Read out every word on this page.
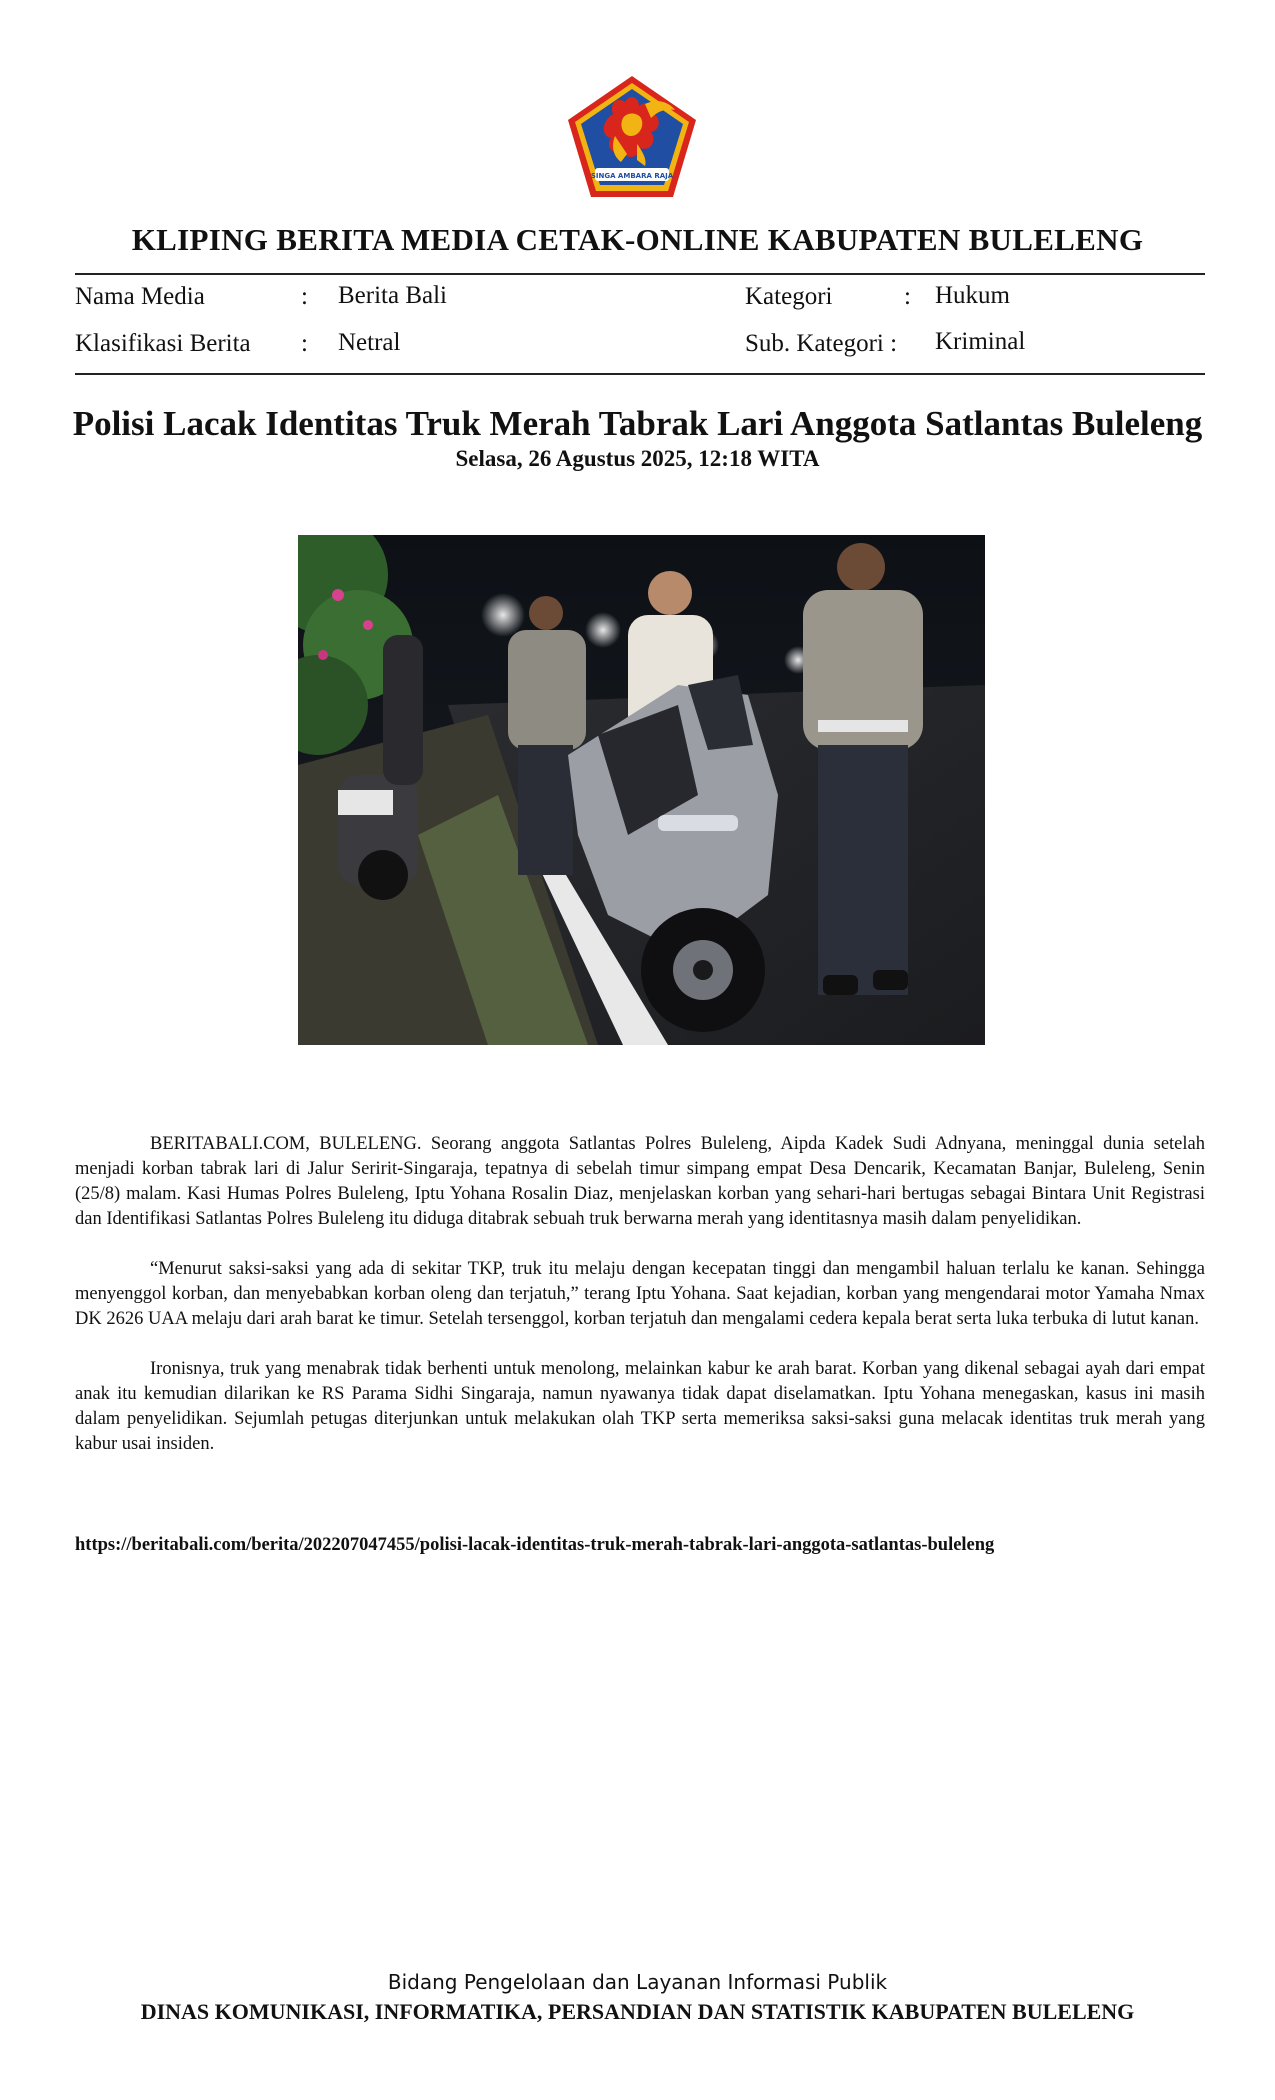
SINGA AMBARA RAJA
KLIPING BERITA MEDIA CETAK-ONLINE KABUPATEN BULELENG
Nama Media	: Berita Bali	Kategori	: Hukum
Klasifikasi Berita : Netral	Sub. Kategori : Kriminal
Polisi Lacak Identitas Truk Merah Tabrak Lari Anggota Satlantas Buleleng
Selasa, 26 Agustus 2025, 12:18 WITA

BERITABALI.COM, BULELENG. Seorang anggota Satlantas Polres Buleleng, Aipda Kadek Sudi Adnyana, meninggal dunia setelah menjadi korban tabrak lari di Jalur Seririt-Singaraja, tepatnya di sebelah timur simpang empat Desa Dencarik, Kecamatan Banjar, Buleleng, Senin (25/8) malam. Kasi Humas Polres Buleleng, Iptu Yohana Rosalin Diaz, menjelaskan korban yang sehari-hari bertugas sebagai Bintara Unit Registrasi dan Identifikasi Satlantas Polres Buleleng itu diduga ditabrak sebuah truk berwarna merah yang identitasnya masih dalam penyelidikan.

“Menurut saksi-saksi yang ada di sekitar TKP, truk itu melaju dengan kecepatan tinggi dan mengambil haluan terlalu ke kanan. Sehingga menyenggol korban, dan menyebabkan korban oleng dan terjatuh,” terang Iptu Yohana. Saat kejadian, korban yang mengendarai motor Yamaha Nmax DK 2626 UAA melaju dari arah barat ke timur. Setelah tersenggol, korban terjatuh dan mengalami cedera kepala berat serta luka terbuka di lutut kanan.

Ironisnya, truk yang menabrak tidak berhenti untuk menolong, melainkan kabur ke arah barat. Korban yang dikenal sebagai ayah dari empat anak itu kemudian dilarikan ke RS Parama Sidhi Singaraja, namun nyawanya tidak dapat diselamatkan. Iptu Yohana menegaskan, kasus ini masih dalam penyelidikan. Sejumlah petugas diterjunkan untuk melakukan olah TKP serta memeriksa saksi-saksi guna melacak identitas truk merah yang kabur usai insiden.

https://beritabali.com/berita/202207047455/polisi-lacak-identitas-truk-merah-tabrak-lari-anggota-satlantas-buleleng
Bidang Pengelolaan dan Layanan Informasi Publik
DINAS KOMUNIKASI, INFORMATIKA, PERSANDIAN DAN STATISTIK KABUPATEN BULELENG
